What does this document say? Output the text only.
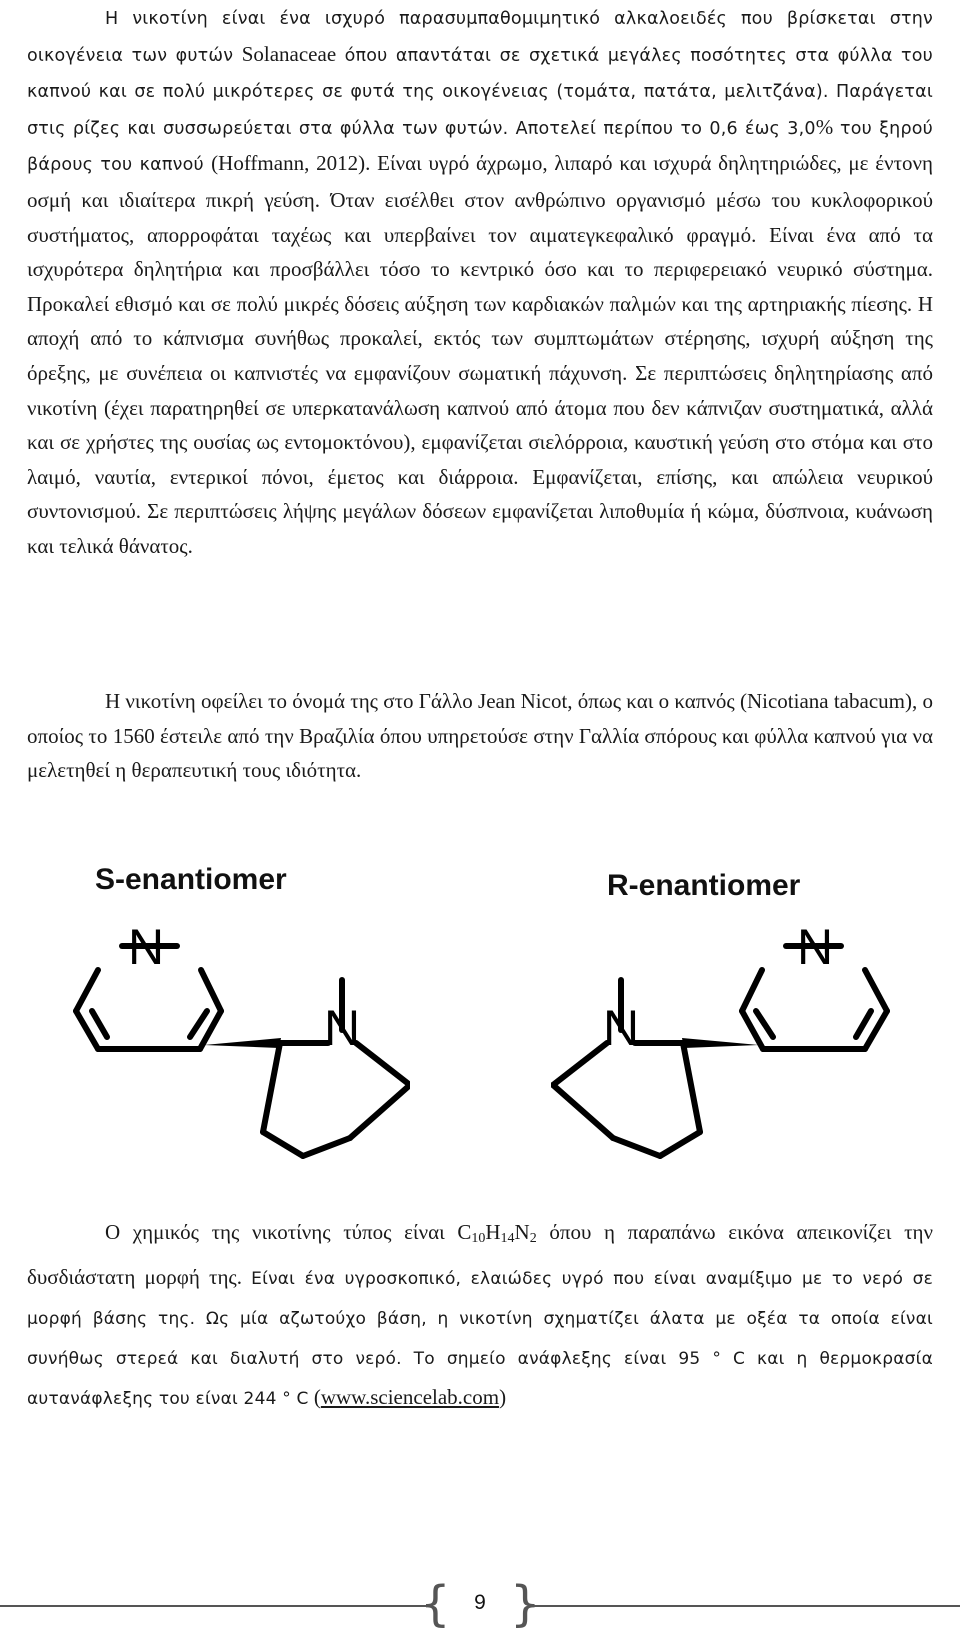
Η νικοτίνη είναι ένα ισχυρό παρασυμπαθομιμητικό αλκαλοειδές που βρίσκεται στην οικογένεια των φυτών Solanaceae όπου απαντάται σε σχετικά μεγάλες ποσότητες στα φύλλα του καπνού και σε πολύ μικρότερες σε φυτά της οικογένειας (τομάτα, πατάτα, μελιτζάνα). Παράγεται στις ρίζες και συσσωρεύεται στα φύλλα των φυτών. Αποτελεί περίπου το 0,6 έως 3,0% του ξηρού βάρους του καπνού (Hoffmann, 2012). Είναι υγρό άχρωμο, λιπαρό και ισχυρά δηλητηριώδες, με έντονη οσμή και ιδιαίτερα πικρή γεύση. Όταν εισέλθει στον ανθρώπινο οργανισμό μέσω του κυκλοφορικού συστήματος, απορροφάται ταχέως και υπερβαίνει τον αιματεγκεφαλικό φραγμό. Είναι ένα από τα ισχυρότερα δηλητήρια και προσβάλλει τόσο το κεντρικό όσο και το περιφερειακό νευρικό σύστημα. Προκαλεί εθισμό και σε πολύ μικρές δόσεις αύξηση των καρδιακών παλμών και της αρτηριακής πίεσης. Η αποχή από το κάπνισμα συνήθως προκαλεί, εκτός των συμπτωμάτων στέρησης, ισχυρή αύξηση της όρεξης, με συνέπεια οι καπνιστές να εμφανίζουν σωματική πάχυνση. Σε περιπτώσεις δηλητηρίασης από νικοτίνη (έχει παρατηρηθεί σε υπερκατανάλωση καπνού από άτομα που δεν κάπνιζαν συστηματικά, αλλά και σε χρήστες της ουσίας ως εντομοκτόνου), εμφανίζεται σιελόρροια, καυστική γεύση στο στόμα και στο λαιμό, ναυτία, εντερικοί πόνοι, έμετος και διάρροια. Εμφανίζεται, επίσης, και απώλεια νευρικού συντονισμού. Σε περιπτώσεις λήψης μεγάλων δόσεων εμφανίζεται λιποθυμία ή κώμα, δύσπνοια, κυάνωση και τελικά θάνατος.
Η νικοτίνη οφείλει το όνομά της στο Γάλλο Jean Nicot, όπως και ο καπνός (Nicotiana tabacum), ο οποίος το 1560 έστειλε από την Βραζιλία όπου υπηρετούσε στην Γαλλία σπόρους και φύλλα καπνού για να μελετηθεί η θεραπευτική τους ιδιότητα.
S-enantiomer	R-enantiomer
N
N
N
N
Ο χημικός της νικοτίνης τύπος είναι $C_{10}H_{14}N_2$ όπου η παραπάνω εικόνα απεικονίζει την δυσδιάστατη μορφή της. Είναι ένα υγροσκοπικό, ελαιώδες υγρό που είναι αναμίξιμο με το νερό σε μορφή βάσης της. Ως μία αζωτούχο βάση, η νικοτίνη σχηματίζει άλατα με οξέα τα οποία είναι συνήθως στερεά και διαλυτή στο νερό. Το σημείο ανάφλεξης είναι 95 ° C και η θερμοκρασία αυτανάφλεξης του είναι 244 ° C (www.sciencelab.com)
{ }
9
